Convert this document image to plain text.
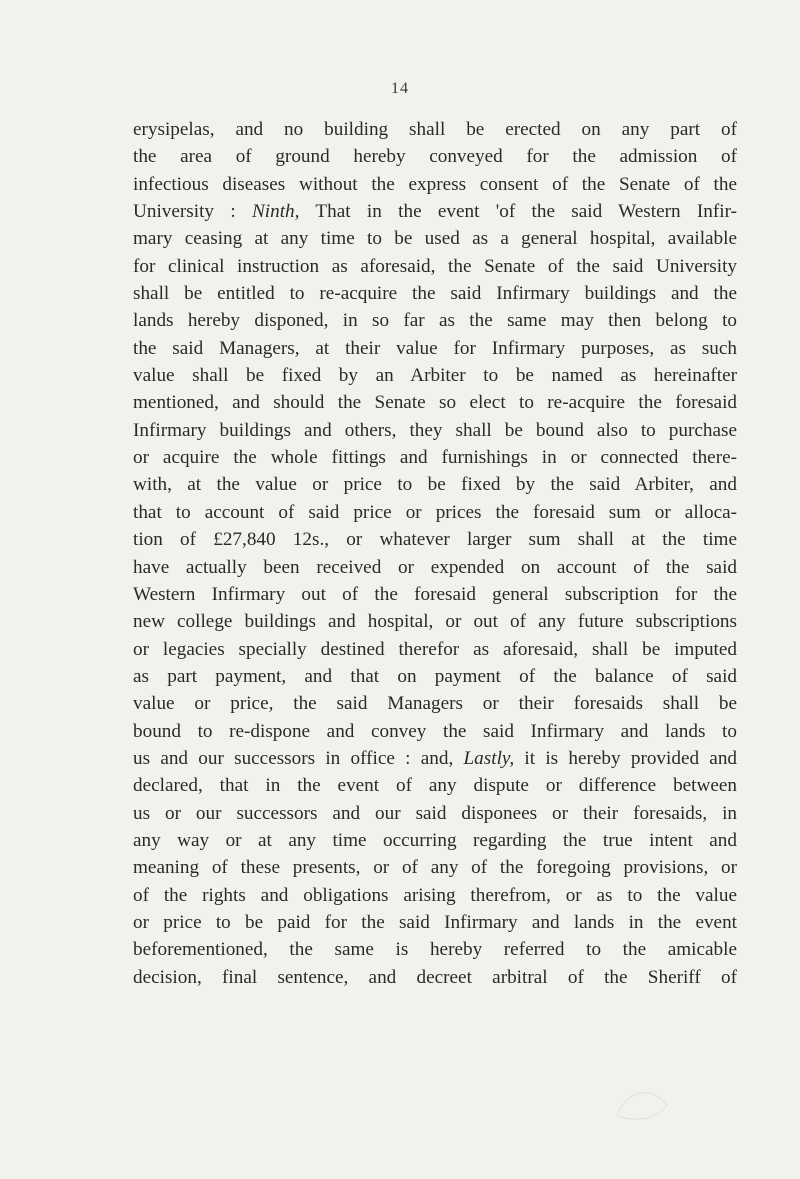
14
erysipelas, and no building shall be erected on any part of
the area of ground hereby conveyed for the admission of
infectious diseases without the express consent of the Senate of the
University : Ninth, That in the event 'of the said Western Infir-
mary ceasing at any time to be used as a general hospital, available
for clinical instruction as aforesaid, the Senate of the said University
shall be entitled to re-acquire the said Infirmary buildings and the
lands hereby disponed, in so far as the same may then belong to
the said Managers, at their value for Infirmary purposes, as such
value shall be fixed by an Arbiter to be named as hereinafter
mentioned, and should the Senate so elect to re-acquire the foresaid
Infirmary buildings and others, they shall be bound also to purchase
or acquire the whole fittings and furnishings in or connected there-
with, at the value or price to be fixed by the said Arbiter, and
that to account of said price or prices the foresaid sum or alloca-
tion of £27,840 12s., or whatever larger sum shall at the time
have actually been received or expended on account of the said
Western Infirmary out of the foresaid general subscription for the
new college buildings and hospital, or out of any future subscriptions
or legacies specially destined therefor as aforesaid, shall be imputed
as part payment, and that on payment of the balance of said
value or price, the said Managers or their foresaids shall be
bound to re-dispone and convey the said Infirmary and lands to
us and our successors in office : and, Lastly, it is hereby provided and
declared, that in the event of any dispute or difference between
us or our successors and our said disponees or their foresaids, in
any way or at any time occurring regarding the true intent and
meaning of these presents, or of any of the foregoing provisions, or
of the rights and obligations arising therefrom, or as to the value
or price to be paid for the said Infirmary and lands in the event
beforementioned, the same is hereby referred to the amicable
decision, final sentence, and decreet arbitral of the Sheriff of
